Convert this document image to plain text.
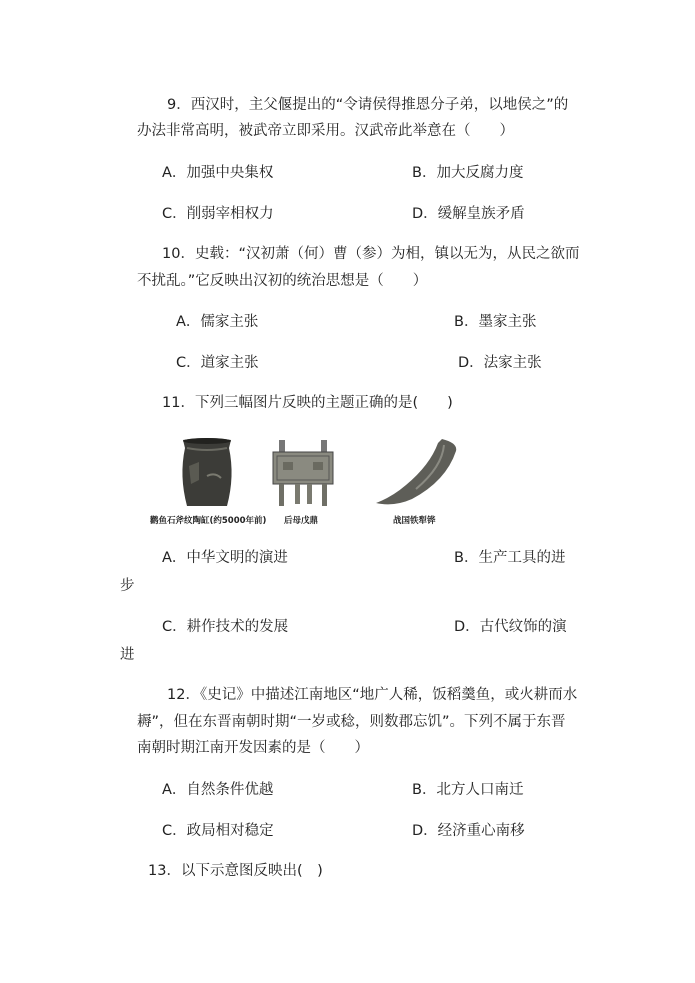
9．西汉时，主父偃提出的“令请侯得推恩分子弟，以地侯之”的
办法非常高明，被武帝立即采用。汉武帝此举意在（　　）
A．加强中央集权	B．加大反腐力度
C．削弱宰相权力	D．缓解皇族矛盾
10．史载：“汉初萧（何）曹（参）为相，镇以无为，从民之欲而
不扰乱。”它反映出汉初的统治思想是（　　）
A．儒家主张	B．墨家主张
C．道家主张	D．法家主张
11．下列三幅图片反映的主题正确的是(　　)
鹳鱼石斧纹陶缸(约5000年前) 后母戊鼎	战国铁犁铧
A．中华文明的演进	B．生产工具的进
步
C．耕作技术的发展	D．古代纹饰的演
进
12．《史记》中描述江南地区“地广人稀，饭稻羹鱼，或火耕而水
耨”，但在东晋南朝时期“一岁或稔，则数郡忘饥”。下列不属于东晋
南朝时期江南开发因素的是（　　）
A．自然条件优越	B．北方人口南迁
C．政局相对稳定	D．经济重心南移
13．以下示意图反映出(　)
